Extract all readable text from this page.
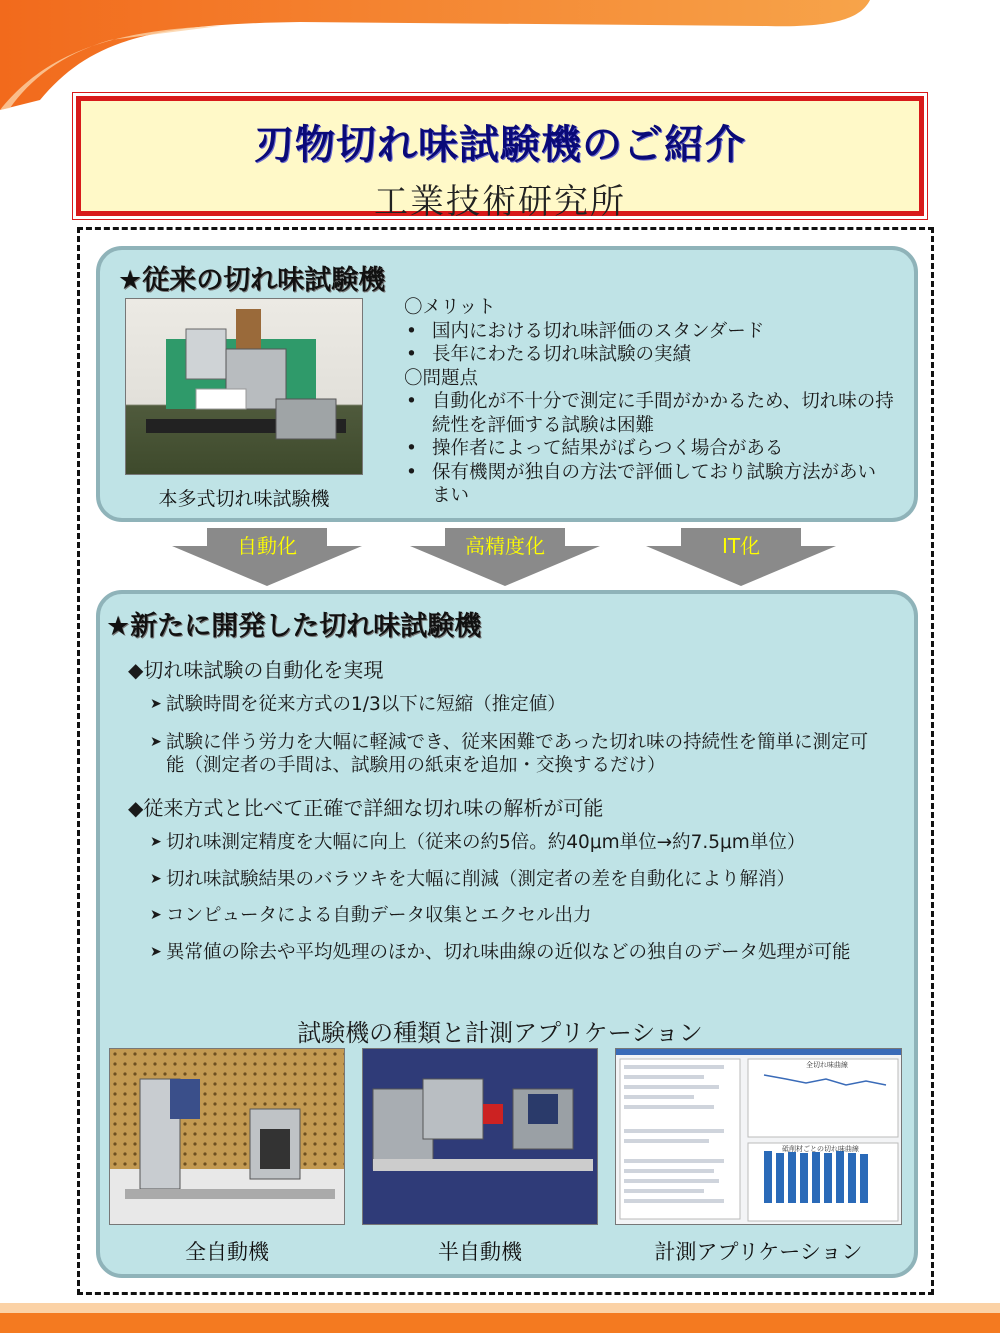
刃物切れ味試験機のご紹介
工業技術研究所
★従来の切れ味試験機
本多式切れ味試験機
〇メリット
• 国内における切れ味評価のスタンダード
• 長年にわたる切れ味試験の実績
〇問題点
• 自動化が不十分で測定に手間がかかるため、切れ味の持続性を評価する試験は困難
• 操作者によって結果がばらつく場合がある
• 保有機関が独自の方法で評価しており試験方法があいまい
自動化	高精度化	IT化
★新たに開発した切れ味試験機
◆切れ味試験の自動化を実現
➤ 試験時間を従来方式の1/3以下に短縮（推定値）
➤ 試験に伴う労力を大幅に軽減でき、従来困難であった切れ味の持続性を簡単に測定可能（測定者の手間は、試験用の紙束を追加・交換するだけ）
◆従来方式と比べて正確で詳細な切れ味の解析が可能
➤ 切れ味測定精度を大幅に向上（従来の約5倍。約40μm単位→約7.5μm単位）
➤ 切れ味試験結果のバラツキを大幅に削減（測定者の差を自動化により解消）
➤ コンピュータによる自動データ収集とエクセル出力
➤ 異常値の除去や平均処理のほか、切れ味曲線の近似などの独自のデータ処理が可能
試験機の種類と計測アプリケーション
全切れ味曲線
砥削材ごとの切れ味曲線
全自動機	半自動機	計測アプリケーション
